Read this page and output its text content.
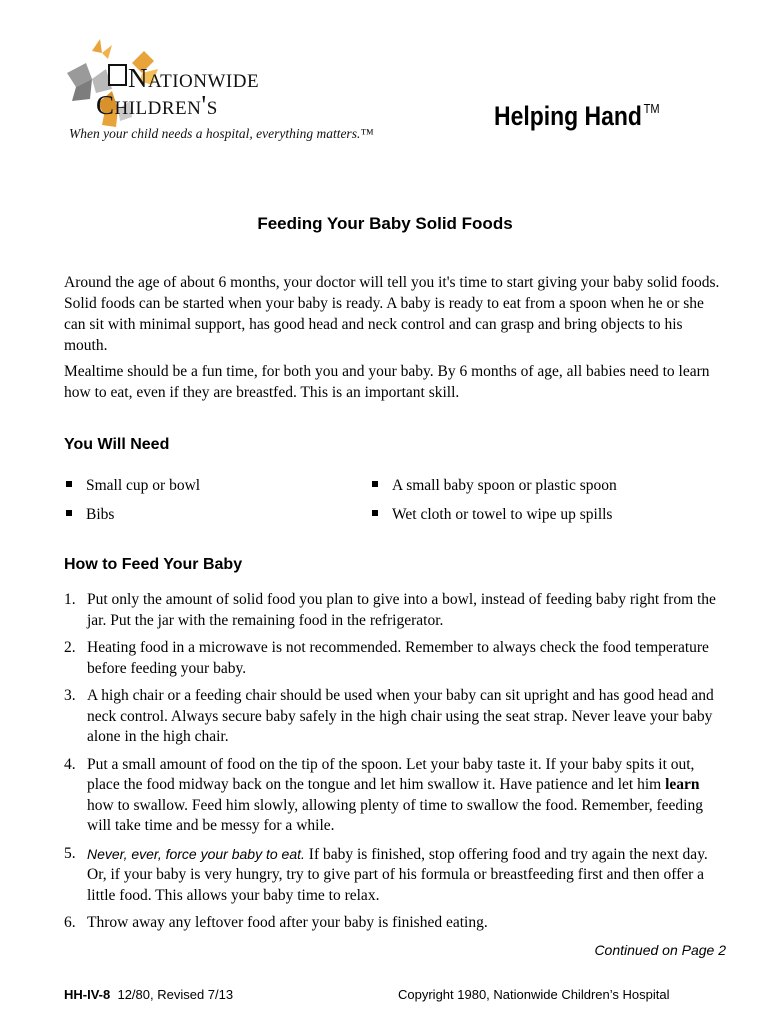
Nationwide
Children's
When your child needs a hospital, everything matters.™
Helping Hand ™
Feeding Your Baby Solid Foods

Around the age of about 6 months, your doctor will tell you it's time to start giving your baby solid foods. Solid foods can be started when your baby is ready. A baby is ready to eat from a spoon when he or she can sit with minimal support, has good head and neck control and can grasp and bring objects to his mouth.

Mealtime should be a fun time, for both you and your baby. By 6 months of age, all babies need to learn how to eat, even if they are breastfed. This is an important skill.

You Will Need
Small cup or bowl	A small baby spoon or plastic spoon
Bibs	Wet cloth or towel to wipe up spills
How to Feed Your Baby
1. Put only the amount of solid food you plan to give into a bowl, instead of feeding baby right from the jar. Put the jar with the remaining food in the refrigerator.
2. Heating food in a microwave is not recommended. Remember to always check the food temperature before feeding your baby.
3. A high chair or a feeding chair should be used when your baby can sit upright and has good head and neck control. Always secure baby safely in the high chair using the seat strap. Never leave your baby alone in the high chair.
4. Put a small amount of food on the tip of the spoon. Let your baby taste it. If your baby spits it out, place the food midway back on the tongue and let him swallow it. Have patience and let him learn how to swallow. Feed him slowly, allowing plenty of time to swallow the food. Remember, feeding will take time and be messy for a while.
5. Never, ever, force your baby to eat. If baby is finished, stop offering food and try again the next day. Or, if your baby is very hungry, try to give part of his formula or breastfeeding first and then offer a little food. This allows your baby time to relax.
6. Throw away any leftover food after your baby is finished eating.
Continued on Page 2
HH-IV-8 12/80, Revised 7/13	Copyright 1980, Nationwide Children’s Hospital
